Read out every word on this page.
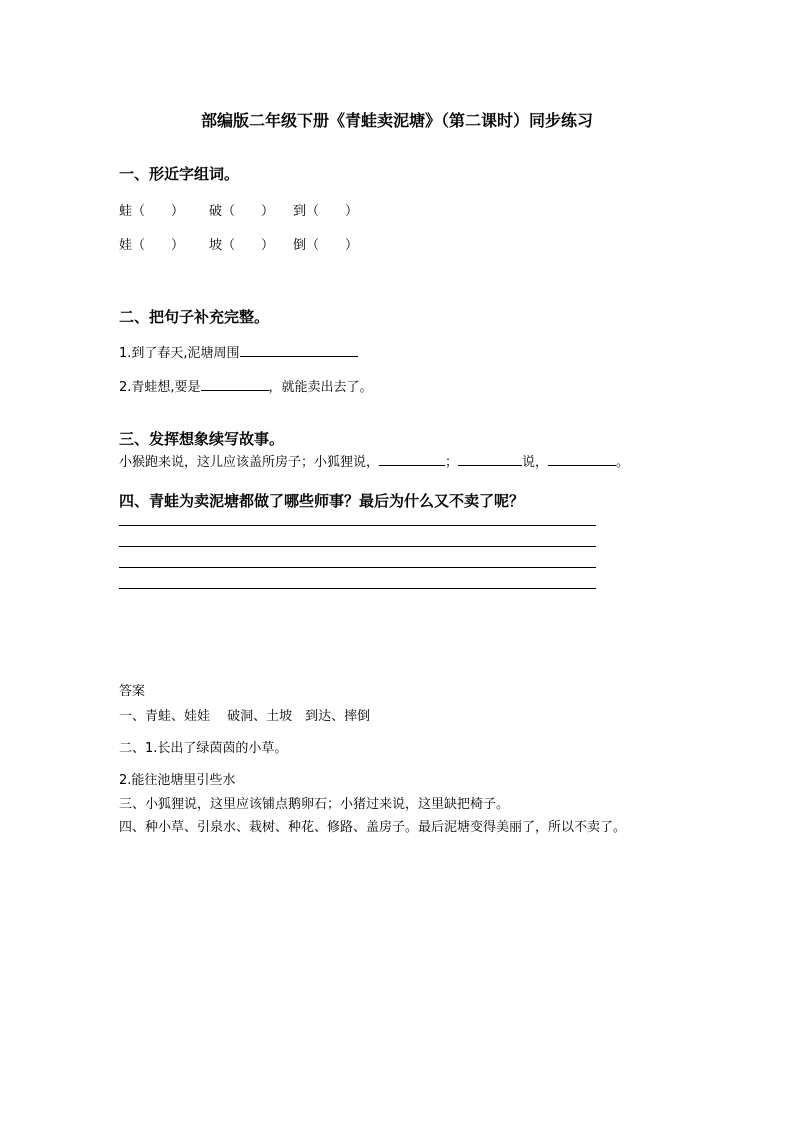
部编版二年级下册《青蛙卖泥塘》（第二课时）同步练习
一、形近字组词。
蛙（　　） 破（　　） 到（　　）
娃（　　） 坡（　　） 倒（　　）
二、把句子补充完整。
1.到了春天,泥塘周围
2.青蛙想,要是	，就能卖出去了。
三、发挥想象续写故事。
小猴跑来说，这儿应该盖所房子；小狐狸说，	；	说，	。
四、青蛙为卖泥塘都做了哪些师事？最后为什么又不卖了呢？
答案
一、青蛙、娃娃　 破洞、土坡　到达、摔倒
二、1.长出了绿茵茵的小草。
2.能往池塘里引些水
三、小狐狸说，这里应该铺点鹅卵石；小猪过来说，这里缺把椅子。
四、种小草、引泉水、栽树、种花、修路、盖房子。最后泥塘变得美丽了，所以不卖了。
